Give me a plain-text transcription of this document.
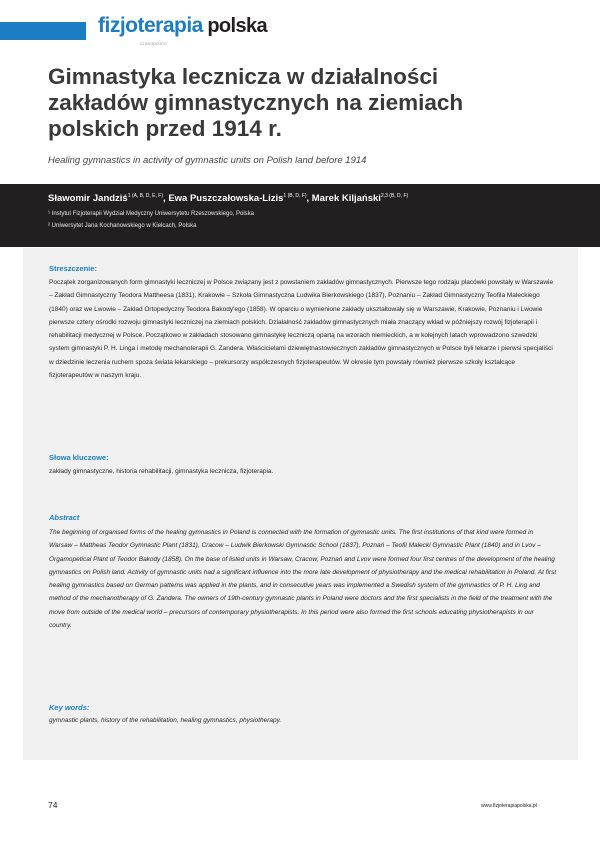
fizjoterapia polska
czasopismo
Gimnastyka lecznicza w działalności zakładów gimnastycznych na ziemiach polskich przed 1914 r.

Healing gymnastics in activity of gymnastic units on Polish land before 1914

Sławomir Jandziś$^{1 (A, B, D, E, F)}$, Ewa Puszczałowska-Lizis$^{1 (B, D, F)}$, Marek Kiljański$^{2,3 (B, D, F)}$
¹ Instytut Fizjoterapii Wydział Medyczny Uniwersytetu Rzeszowskiego, Polska
² Uniwersytet Jana Kochanowskiego w Kielcach, Polska
Streszczenie:

Początek zorganizowanych form gimnastyki leczniczej w Polsce związany jest z powstaniem zakładów gimnastycznych. Pierwsze tego rodzaju placówki powstały w Warszawie – Zakład Gimnastyczny Teodora Mattheesa (1831), Krakowie – Szkoła Gimnastyczna Ludwika Bierkowskiego (1837), Poznaniu – Zakład Gimnastyczny Teofila Maleckiego (1840) oraz we Lwowie – Zakład Ortopedyczny Teodora Bakody'ego (1858). W oparciu o wymienione zakłady ukształtowały się w Warszawie, Krakowie, Poznaniu i Lwowie pierwsze cztery ośrodki rozwoju gimnastyki leczniczej na ziemiach polskich. Działalność zakładów gimnastycznych miała znaczący wkład w późniejszy rozwój fizjoterapii i rehabilitacji medycznej w Polsce. Początkowo w zakładach stosowano gimnastykę leczniczą opartą na wzorach niemieckich, a w kolejnych latach wprowadzono szwedzki system gimnastyki P. H. Linga i metodę mechanoterapii G. Zandera. Właścicielami dziewiętnastowiecznych zakładów gimnastycznych w Polsce byli lekarze i pierwsi specjaliści w dziedzinie leczenia ruchem spoza świata lekarskiego – prekursorzy współczesnych fizjoterapeutów. W okresie tym powstały również pierwsze szkoły kształcące fizjoterapeutów w naszym kraju.

Słowa kluczowe:

zakłady gimnastyczne, historia rehabilitacji, gimnastyka lecznicza, fizjoterapia.

Abstract

The beginning of organised forms of the healing gymnastics in Poland is connected with the formation of gymnastic units. The first institutions of that kind were formed in Warsaw – Mattheas Teodor Gymnastic Plant (1831), Cracow – Ludwik Bierkowski Gymnastic School (1837), Poznań – Teofil Malecki Gymnastic Plant (1840) and in Lvov – Orgamopetical Plant of Teodor Bakody (1858). On the base of listed units in Warsaw, Cracow, Poznań and Lvov were formed four first centres of the development of the healing gymnastics on Polish land. Activity of gymnastic units had a significant influence into the more late development of physiotherapy and the medical rehabilitation in Poland. At first healing gymnastics based on German patterns was applied in the plants, and in consecutive years was implemented a Swedish system of the gymnastics of P. H. Ling and method of the mechanotherapy of G. Zandera. The owners of 19th-century gymnastic plants in Poland were doctors and the first specialists in the field of the treatment with the move from outside of the medical world – precursors of contemporary physiotherapists. In this period were also formed the first schools educating physiotherapists in our country.

Key words:

gymnastic plants, history of the rehabilitation, healing gymnastics, physiotherapy.

74	www.fizjoterapiapolska.pl
